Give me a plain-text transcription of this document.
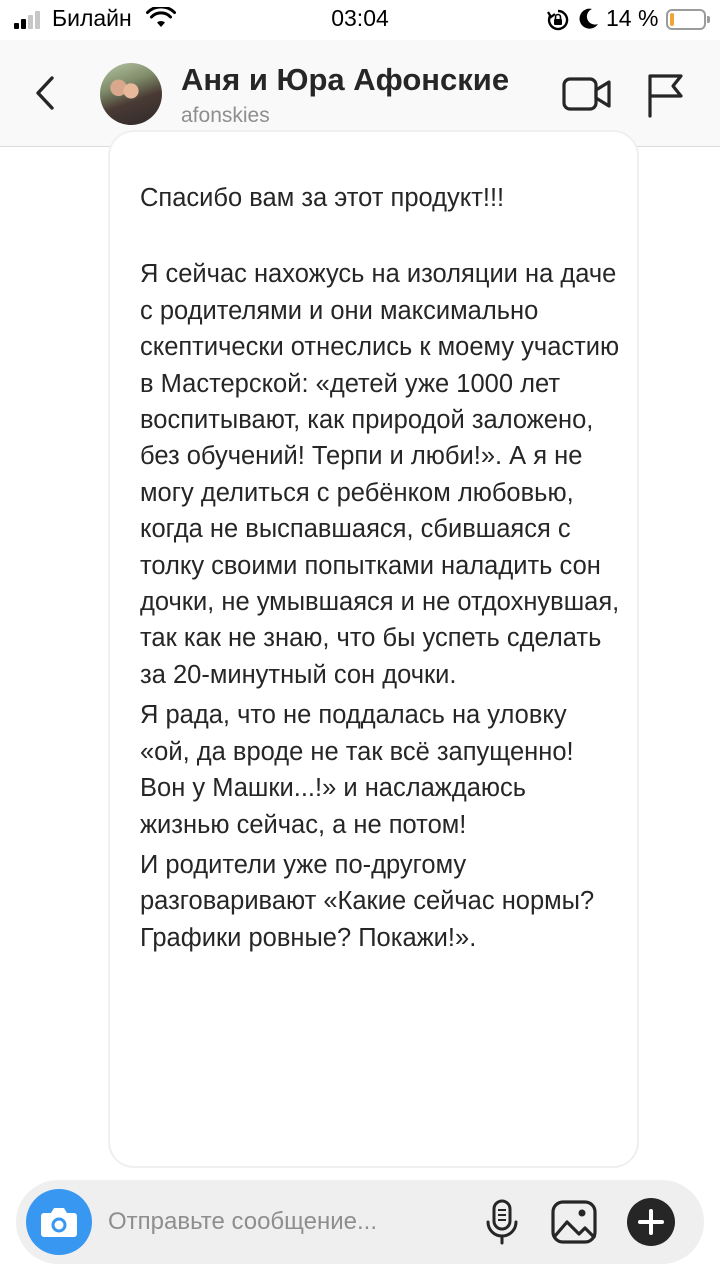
Билайн	03:04	14 %
Аня и Юра Афонские
afonskies

Спасибо вам за этот продукт!!!

Я сейчас нахожусь на изоляции на даче с родителями и они максимально скептически отнеслись к моему участию в Мастерской: «детей уже 1000 лет воспитывают, как природой заложено, без обучений! Терпи и люби!». А я не могу делиться с ребёнком любовью, когда не выспавшаяся, сбившаяся с толку своими попытками наладить сон дочки, не умывшаяся и не отдохнувшая, так как не знаю, что бы успеть сделать за 20-минутный сон дочки.

Я рада, что не поддалась на уловку «ой, да вроде не так всё запущенно! Вон у Машки...!» и наслаждаюсь жизнью сейчас, а не потом!

И родители уже по-другому разговаривают «Какие сейчас нормы? Графики ровные? Покажи!».

Отправьте сообщение...
